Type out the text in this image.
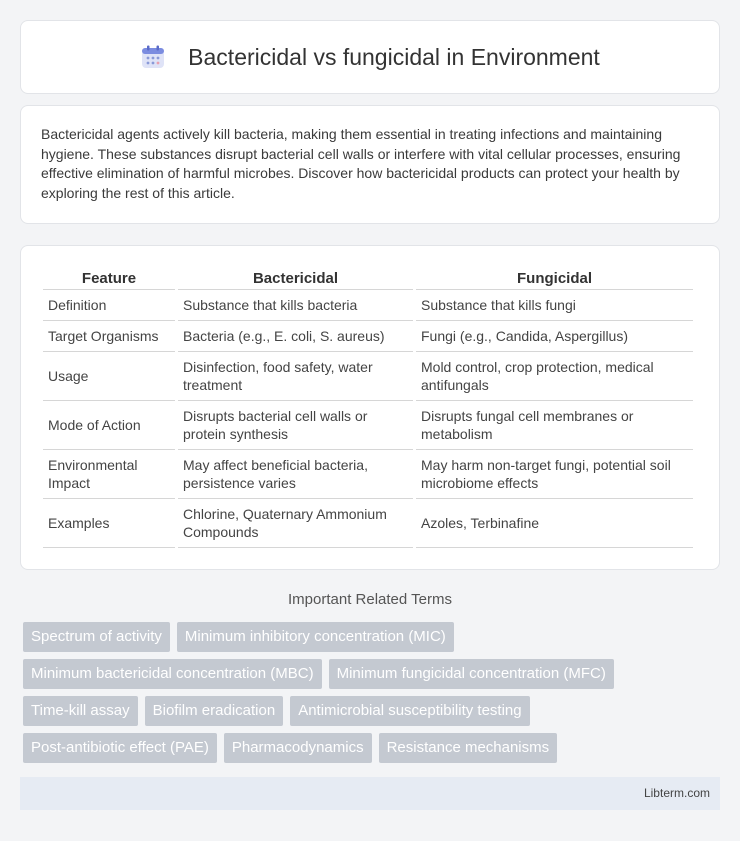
Bactericidal vs fungicidal in Environment

Bactericidal agents actively kill bacteria, making them essential in treating infections and maintaining hygiene. These substances disrupt bacterial cell walls or interfere with vital cellular processes, ensuring effective elimination of harmful microbes. Discover how bactericidal products can protect your health by exploring the rest of this article.

Feature	Bactericidal	Fungicidal
Definition	Substance that kills bacteria	Substance that kills fungi
Target Organisms	Bacteria (e.g., E. coli, S. aureus)	Fungi (e.g., Candida, Aspergillus)
Usage	Disinfection, food safety, water treatment	Mold control, crop protection, medical antifungals
Mode of Action	Disrupts bacterial cell walls or protein synthesis	Disrupts fungal cell membranes or metabolism
Environmental Impact	May affect beneficial bacteria, persistence varies	May harm non-target fungi, potential soil microbiome effects
Examples	Chlorine, Quaternary Ammonium Compounds	Azoles, Terbinafine
Important Related Terms
Spectrum of activity	Minimum inhibitory concentration (MIC)
Minimum bactericidal concentration (MBC)	Minimum fungicidal concentration (MFC)
Time-kill assay	Biofilm eradication	Antimicrobial susceptibility testing
Post-antibiotic effect (PAE)	Pharmacodynamics	Resistance mechanisms
Libterm.com
